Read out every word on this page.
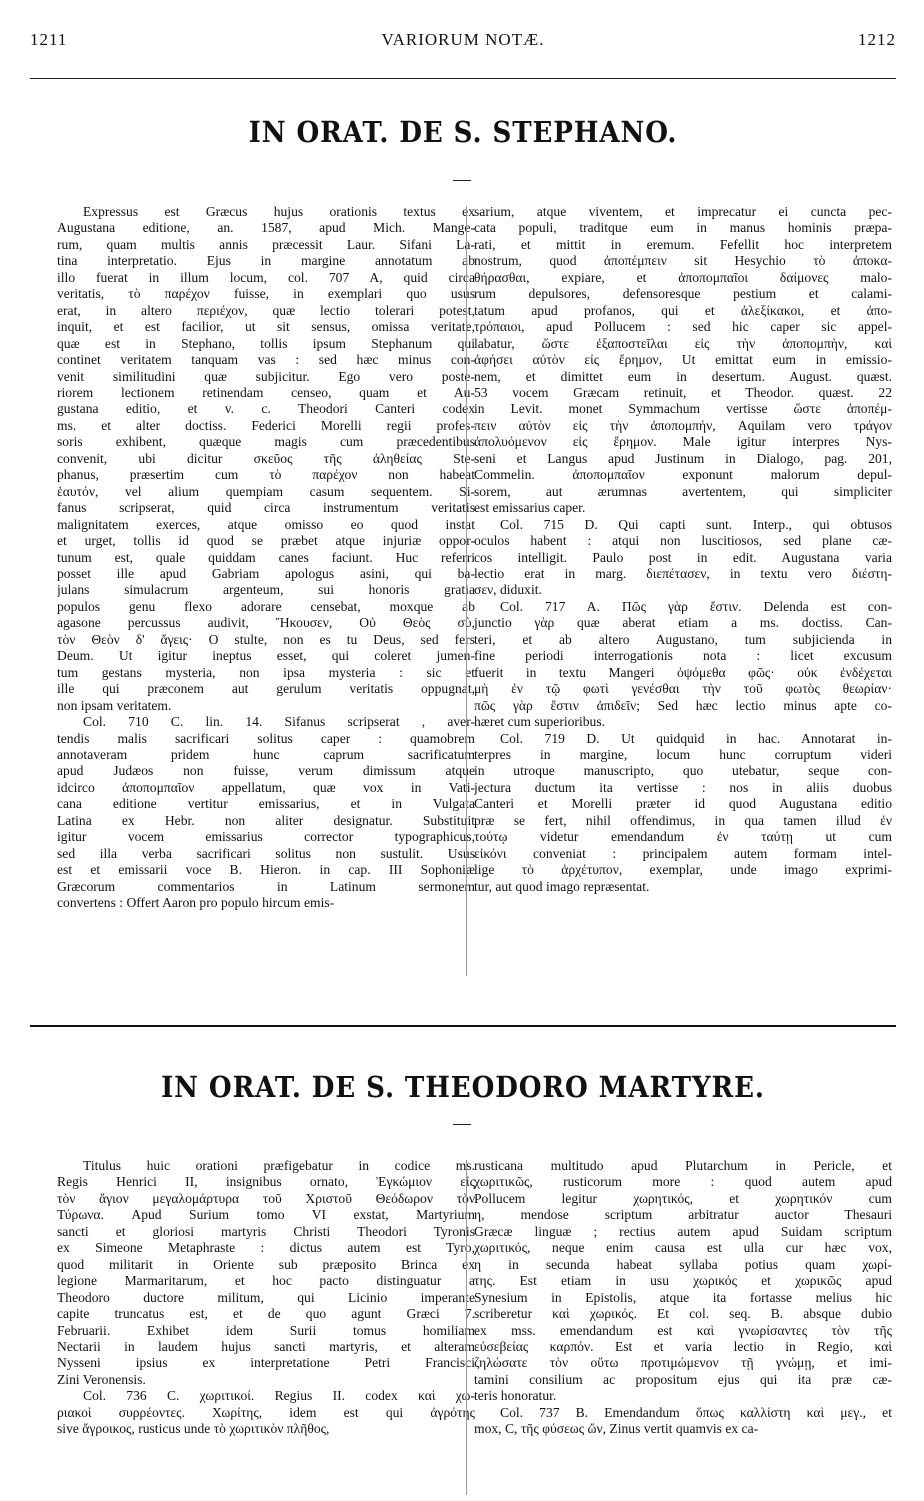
1211	VARIORUM NOTÆ.	1212
IN ORAT. DE S. STEPHANO.
Expressus est Græcus hujus orationis textus ex
Augustana editione, an. 1587, apud Mich. Mange-
rum, quam multis annis præcessit Laur. Sifani La-
tina interpretatio. Ejus in margine annotatum ab
illo fuerat in illum locum, col. 707 A, quid circa
veritatis, τὸ παρέχον fuisse, in exemplari quo usus
erat, in altero περιέχον, quæ lectio tolerari potest,
inquit, et est facilior, ut sit sensus, omissa veritate,
quæ est in Stephano, tollis ipsum Stephanum qui
continet veritatem tanquam vas : sed hæc minus con-
venit similitudini quæ subjicitur. Ego vero poste-
riorem lectionem retinendam censeo, quam et Au-
gustana editio, et v. c. Theodori Canteri codex
ms. et alter doctiss. Federici Morelli regii profes-
soris exhibent, quæque magis cum præcedentibus
convenit, ubi dicitur σκεῦος τῆς ἀληθείας Ste-
phanus, præsertim cum τὸ παρέχον non habeat
ἑαυτόν, vel alium quempiam casum sequentem. Si-
fanus scripserat, quid circa instrumentum veritatis
malignitatem exerces, atque omisso eo quod instat
et urget, tollis id quod se præbet atque injuriæ oppor-
tunum est, quale quiddam canes faciunt. Huc referri
posset ille apud Gabriam apologus asini, qui ba-
julans simulacrum argenteum, sui honoris gratia
populos genu flexo adorare censebat, moxque ab
agasone percussus audivit, Ἤκουσεν, Οὐ Θεὸς σὺ,
τὸν Θεὸν δ' ἄγεις· O stulte, non es tu Deus, sed fers
Deum. Ut igitur ineptus esset, qui coleret jumen-
tum gestans mysteria, non ipsa mysteria : sic et
ille qui præconem aut gerulum veritatis oppugnat,
non ipsam veritatem.
Col. 710 C. lin. 14. Sifanus scripserat , aver-
tendis malis sacrificari solitus caper : quamobrem
annotaveram pridem hunc caprum sacrificatum
apud Judæos non fuisse, verum dimissum atque
idcirco ἀποπομπαῖον appellatum, quæ vox in Vati-
cana editione vertitur emissarius, et in Vulgata
Latina ex Hebr. non aliter designatur. Substituit
igitur vocem emissarius corrector typographicus,
sed illa verba sacrificari solitus non sustulit. Usus
est et emissarii voce B. Hieron. in cap. III Sophoniæ
Græcorum commentarios in Latinum sermonem
convertens : Offert Aaron pro populo hircum emis-
sarium, atque viventem, et imprecatur ei cuncta pec-
cata populi, traditque eum in manus hominis præpa-
rati, et mittit in eremum. Fefellit hoc interpretem
nostrum, quod ἀποπέμπειν sit Hesychio τὸ ἀποκα-
θήρασθαι, expiare, et ἀποπομπαῖοι δαίμονες malo-
rum depulsores, defensoresque pestium et calami-
tatum apud profanos, qui et ἀλεξίκακοι, et ἀπο-
τρόπαιοι, apud Pollucem : sed hic caper sic appel-
labatur, ὥστε ἐξαποστεῖλαι εἰς τὴν ἀποπομπὴν, καὶ
ἀφήσει αὐτὸν εἰς ἔρημον, Ut emittat eum in emissio-
nem, et dimittet eum in desertum. August. quæst.
53 vocem Græcam retinuit, et Theodor. quæst. 22
in Levit. monet Symmachum vertisse ὥστε ἀποπέμ-
πειν αὐτὸν εἰς τὴν ἀποπομπήν, Aquilam vero τράγον
ἀπολυόμενον εἰς ἔρημον. Male igitur interpres Nys-
seni et Langus apud Justinum in Dialogo, pag. 201,
Commelin. ἀποπομπαῖον exponunt malorum depul-
sorem, aut ærumnas avertentem, qui simpliciter
est emissarius caper.
Col. 715 D. Qui capti sunt. Interp., qui obtusos
oculos habent : atqui non luscitiosos, sed plane cæ-
cos intelligit. Paulo post in edit. Augustana varia
lectio erat in marg. διεπέτασεν, in textu vero διέστη-
σεν, diduxit.
Col. 717 A. Πῶς γὰρ ἔστιν. Delenda est con-
junctio γὰρ quæ aberat etiam a ms. doctiss. Can-
teri, et ab altero Augustano, tum subjicienda in
fine periodi interrogationis nota : licet excusum
fuerit in textu Mangeri ὀψόμεθα φῶς· οὐκ ἐνδέχεται
μὴ ἐν τῷ φωτὶ γενέσθαι τὴν τοῦ φωτὸς θεωρίαν·
πῶς γὰρ ἔστιν ἀπιδεῖν; Sed hæc lectio minus apte co-
hæret cum superioribus.
Col. 719 D. Ut quidquid in hac. Annotarat in-
terpres in margine, locum hunc corruptum videri
in utroque manuscripto, quo utebatur, seque con-
jectura ductum ita vertisse : nos in aliis duobus
Canteri et Morelli præter id quod Augustana editio
præ se fert, nihil offendimus, in qua tamen illud ἐν
τούτῳ videtur emendandum ἐν ταύτῃ ut cum
εἰκόνι conveniat : principalem autem formam intel-
lige τὸ ἀρχέτυπον, exemplar, unde imago exprimi-
tur, aut quod imago repræsentat.
IN ORAT. DE S. THEODORO MARTYRE.
Titulus huic orationi præfigebatur in codice ms.
Regis Henrici II, insignibus ornato, Ἐγκώμιον εἰς
τὸν ἅγιον μεγαλομάρτυρα τοῦ Χριστοῦ Θεόδωρον τὸν
Τύρωνα. Apud Surium tomo VI exstat, Martyrium
sancti et gloriosi martyris Christi Theodori Tyronis
ex Simeone Metaphraste : dictus autem est Tyro,
quod militarit in Oriente sub præposito Brinca ex
legione Marmaritarum, et hoc pacto distinguatur a
Theodoro ductore militum, qui Licinio imperante
capite truncatus est, et de quo agunt Græci 7.
Februarii. Exhibet idem Surii tomus homiliam
Nectarii in laudem hujus sancti martyris, et alteram
Nysseni ipsius ex interpretatione Petri Francisci
Zini Veronensis.
Col. 736 C. χωριτικοί. Regius II. codex καὶ χω-
ριακοὶ συρρέοντες. Χωρίτης, idem est qui ἀγρότης
sive ἄγροικος, rusticus unde τὸ χωριτικὸν πλῆθος,
rusticana multitudo apud Plutarchum in Pericle, et
χωριτικῶς, rusticorum more : quod autem apud
Pollucem legitur χωρητικός, et χωρητικόν cum
η, mendose scriptum arbitratur auctor Thesauri
Græcæ linguæ ; rectius autem apud Suidam scriptum
χωριτικός, neque enim causa est ulla cur hæc vox,
η in secunda habeat syllaba potius quam χωρί-
της. Est etiam in usu χωρικός et χωρικῶς apud
Synesium in Epistolis, atque ita fortasse melius hic
scriberetur καὶ χωρικός. Et col. seq. B. absque dubio
ex mss. emendandum est καὶ γνωρίσαντες τὸν τῆς
εὐσεβείας καρπόν. Est et varia lectio in Regio, καὶ
ζηλώσατε τὸν οὕτω προτιμώμενον τῇ γνώμῃ, et imi-
tamini consilium ac propositum ejus qui ita præ cæ-
teris honoratur.
Col. 737 B. Emendandum ὅπως καλλίστη καὶ μεγ., et
mox, C, τῆς φύσεως ὤν, Zinus vertit quamvis ex ca-
